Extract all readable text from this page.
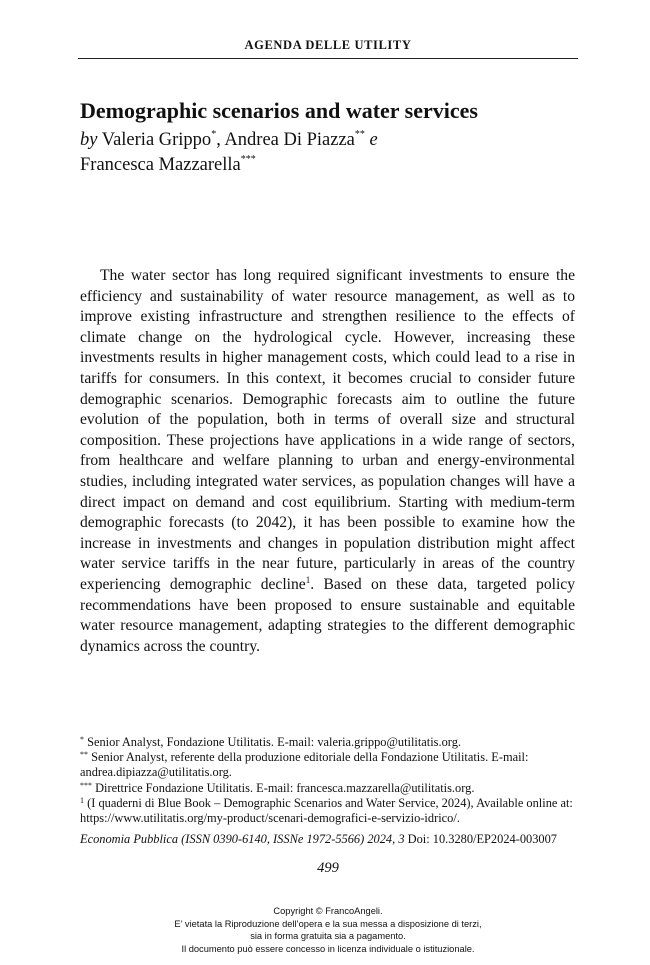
AGENDA DELLE UTILITY
Demographic scenarios and water services
by Valeria Grippo*, Andrea Di Piazza** e
Francesca Mazzarella***

The water sector has long required significant investments to ensure the efficiency and sustainability of water resource management, as well as to improve existing infrastructure and strengthen resilience to the effects of climate change on the hydrological cycle. However, increasing these investments results in higher management costs, which could lead to a rise in tariffs for consumers. In this context, it becomes crucial to consider future demographic scenarios. Demographic forecasts aim to outline the future evolution of the population, both in terms of overall size and structural composition. These projections have applications in a wide range of sectors, from healthcare and welfare planning to urban and energy-environmental studies, including integrated water services, as population changes will have a direct impact on demand and cost equilibrium. Starting with medium-term demographic forecasts (to 2042), it has been possible to examine how the increase in investments and changes in population distribution might affect water service tariffs in the near future, particularly in areas of the country experiencing demographic decline$^1$. Based on these data, targeted policy recommendations have been proposed to ensure sustainable and equitable water resource management, adapting strategies to the different demographic dynamics across the country.

* Senior Analyst, Fondazione Utilitatis. E-mail: valeria.grippo@utilitatis.org.

** Senior Analyst, referente della produzione editoriale della Fondazione Utilitatis. E-mail: andrea.dipiazza@utilitatis.org.

*** Direttrice Fondazione Utilitatis. E-mail: francesca.mazzarella@utilitatis.org.

$^1$ (I quaderni di Blue Book – Demographic Scenarios and Water Service, 2024), Available online at: https://www.utilitatis.org/my-product/scenari-demografici-e-servizio-idrico/.

Economia Pubblica (ISSN 0390-6140, ISSNe 1972-5566) 2024, 3 Doi: 10.3280/EP2024-003007
499
Copyright © FrancoAngeli.
E’ vietata la Riproduzione dell’opera e la sua messa a disposizione di terzi,
sia in forma gratuita sia a pagamento.
Il documento può essere concesso in licenza individuale o istituzionale.
